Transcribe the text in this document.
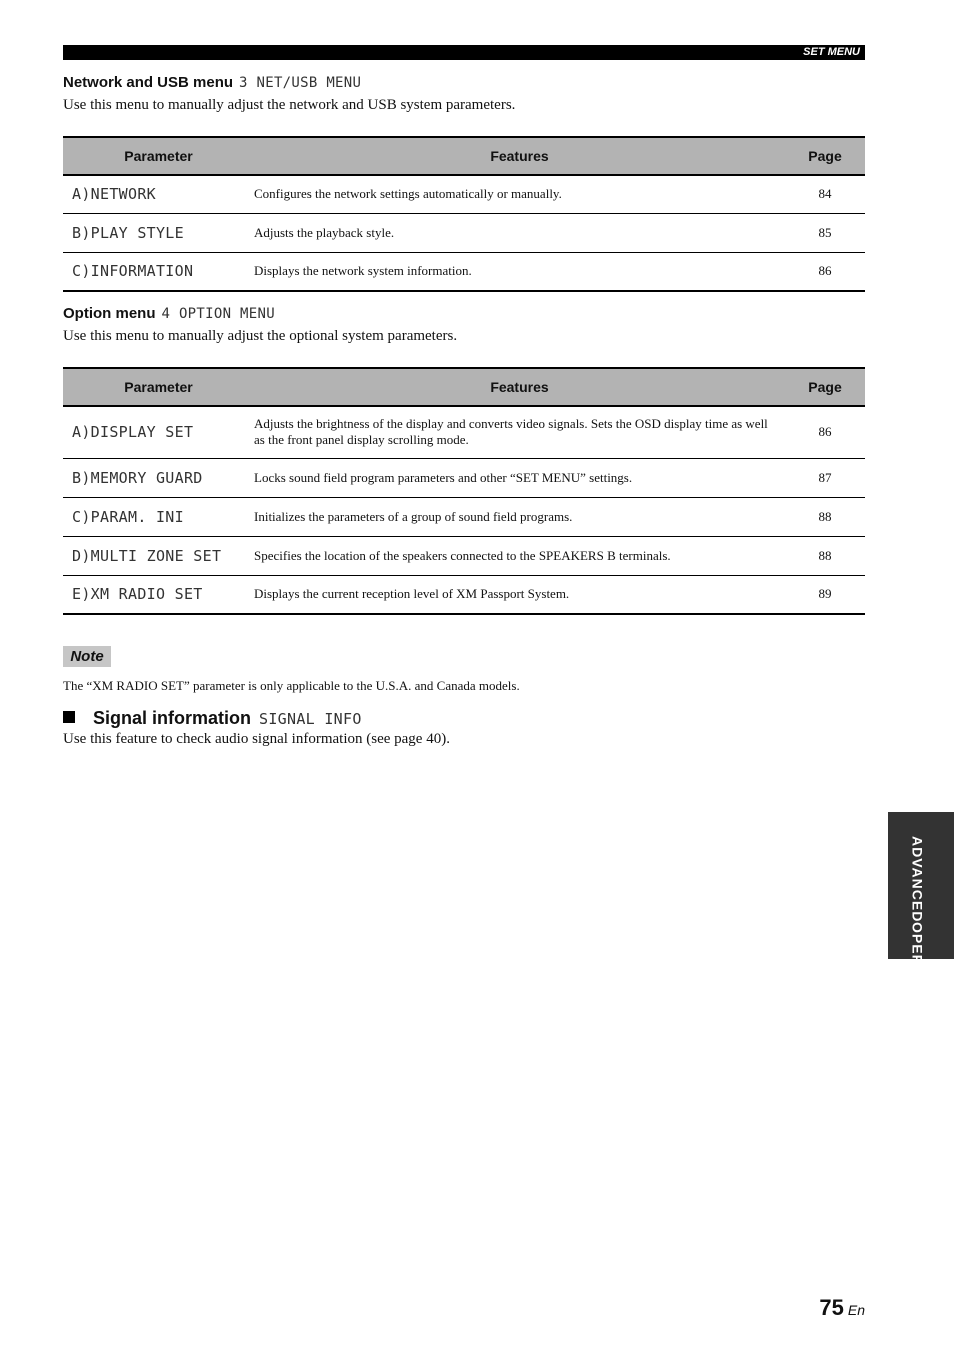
SET MENU
Network and USB menu 3 NET/USB MENU
Use this menu to manually adjust the network and USB system parameters.
Parameter	Features	Page
A)NETWORK	Configures the network settings automatically or manually.	84
B)PLAY STYLE	Adjusts the playback style.	85
C)INFORMATION	Displays the network system information.	86
Option menu 4 OPTION MENU
Use this menu to manually adjust the optional system parameters.
Parameter	Features	Page
A)DISPLAY SET	Adjusts the brightness of the display and converts video signals. Sets the OSD display time as well as the front panel display scrolling mode.	86
B)MEMORY GUARD	Locks sound field program parameters and other “SET MENU” settings.	87
C)PARAM. INI	Initializes the parameters of a group of sound field programs.	88
D)MULTI ZONE SET	Specifies the location of the speakers connected to the SPEAKERS B terminals.	88
E)XM RADIO SET	Displays the current reception level of XM Passport System.	89
Note
The “XM RADIO SET” parameter is only applicable to the U.S.A. and Canada models.
Signal information SIGNAL INFO
Use this feature to check audio signal information (see page 40).
ADVANCED
OPERATION
75 En
